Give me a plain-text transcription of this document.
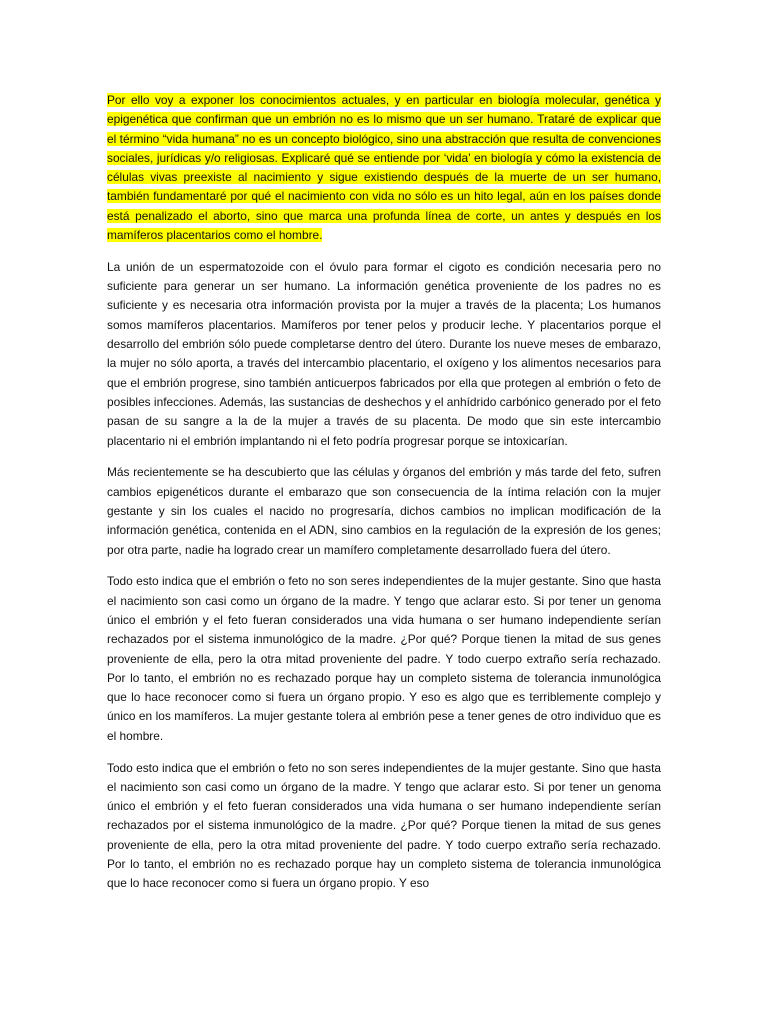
Por ello voy a exponer los conocimientos actuales, y en particular en biología molecular, genética y epigenética que confirman que un embrión no es lo mismo que un ser humano. Trataré de explicar que el término “vida humana” no es un concepto biológico, sino una abstracción que resulta de convenciones sociales, jurídicas y/o religiosas. Explicaré qué se entiende por ‘vida’ en biología y cómo la existencia de células vivas preexiste al nacimiento y sigue existiendo después de la muerte de un ser humano, también fundamentaré por qué el nacimiento con vida no sólo es un hito legal, aún en los países donde está penalizado el aborto, sino que marca una profunda línea de corte, un antes y después en los mamíferos placentarios como el hombre.

La unión de un espermatozoide con el óvulo para formar el cigoto es condición necesaria pero no suficiente para generar un ser humano. La información genética proveniente de los padres no es suficiente y es necesaria otra información provista por la mujer a través de la placenta; Los humanos somos mamíferos placentarios. Mamíferos por tener pelos y producir leche. Y placentarios porque el desarrollo del embrión sólo puede completarse dentro del útero. Durante los nueve meses de embarazo, la mujer no sólo aporta, a través del intercambio placentario, el oxígeno y los alimentos necesarios para que el embrión progrese, sino también anticuerpos fabricados por ella que protegen al embrión o feto de posibles infecciones. Además, las sustancias de deshechos y el anhídrido carbónico generado por el feto pasan de su sangre a la de la mujer a través de su placenta. De modo que sin este intercambio placentario ni el embrión implantando ni el feto podría progresar porque se intoxicarían.

Más recientemente se ha descubierto que las células y órganos del embrión y más tarde del feto, sufren cambios epigenéticos durante el embarazo que son consecuencia de la íntima relación con la mujer gestante y sin los cuales el nacido no progresaría, dichos cambios no implican modificación de la información genética, contenida en el ADN, sino cambios en la regulación de la expresión de los genes; por otra parte, nadie ha logrado crear un mamífero completamente desarrollado fuera del útero.

Todo esto indica que el embrión o feto no son seres independientes de la mujer gestante. Sino que hasta el nacimiento son casi como un órgano de la madre. Y tengo que aclarar esto. Si por tener un genoma único el embrión y el feto fueran considerados una vida humana o ser humano independiente serían rechazados por el sistema inmunológico de la madre. ¿Por qué? Porque tienen la mitad de sus genes proveniente de ella, pero la otra mitad proveniente del padre. Y todo cuerpo extraño sería rechazado. Por lo tanto, el embrión no es rechazado porque hay un completo sistema de tolerancia inmunológica que lo hace reconocer como si fuera un órgano propio. Y eso es algo que es terriblemente complejo y único en los mamíferos. La mujer gestante tolera al embrión pese a tener genes de otro individuo que es el hombre.

Todo esto indica que el embrión o feto no son seres independientes de la mujer gestante. Sino que hasta el nacimiento son casi como un órgano de la madre. Y tengo que aclarar esto. Si por tener un genoma único el embrión y el feto fueran considerados una vida humana o ser humano independiente serían rechazados por el sistema inmunológico de la madre. ¿Por qué? Porque tienen la mitad de sus genes proveniente de ella, pero la otra mitad proveniente del padre. Y todo cuerpo extraño sería rechazado. Por lo tanto, el embrión no es rechazado porque hay un completo sistema de tolerancia inmunológica que lo hace reconocer como si fuera un órgano propio. Y eso
